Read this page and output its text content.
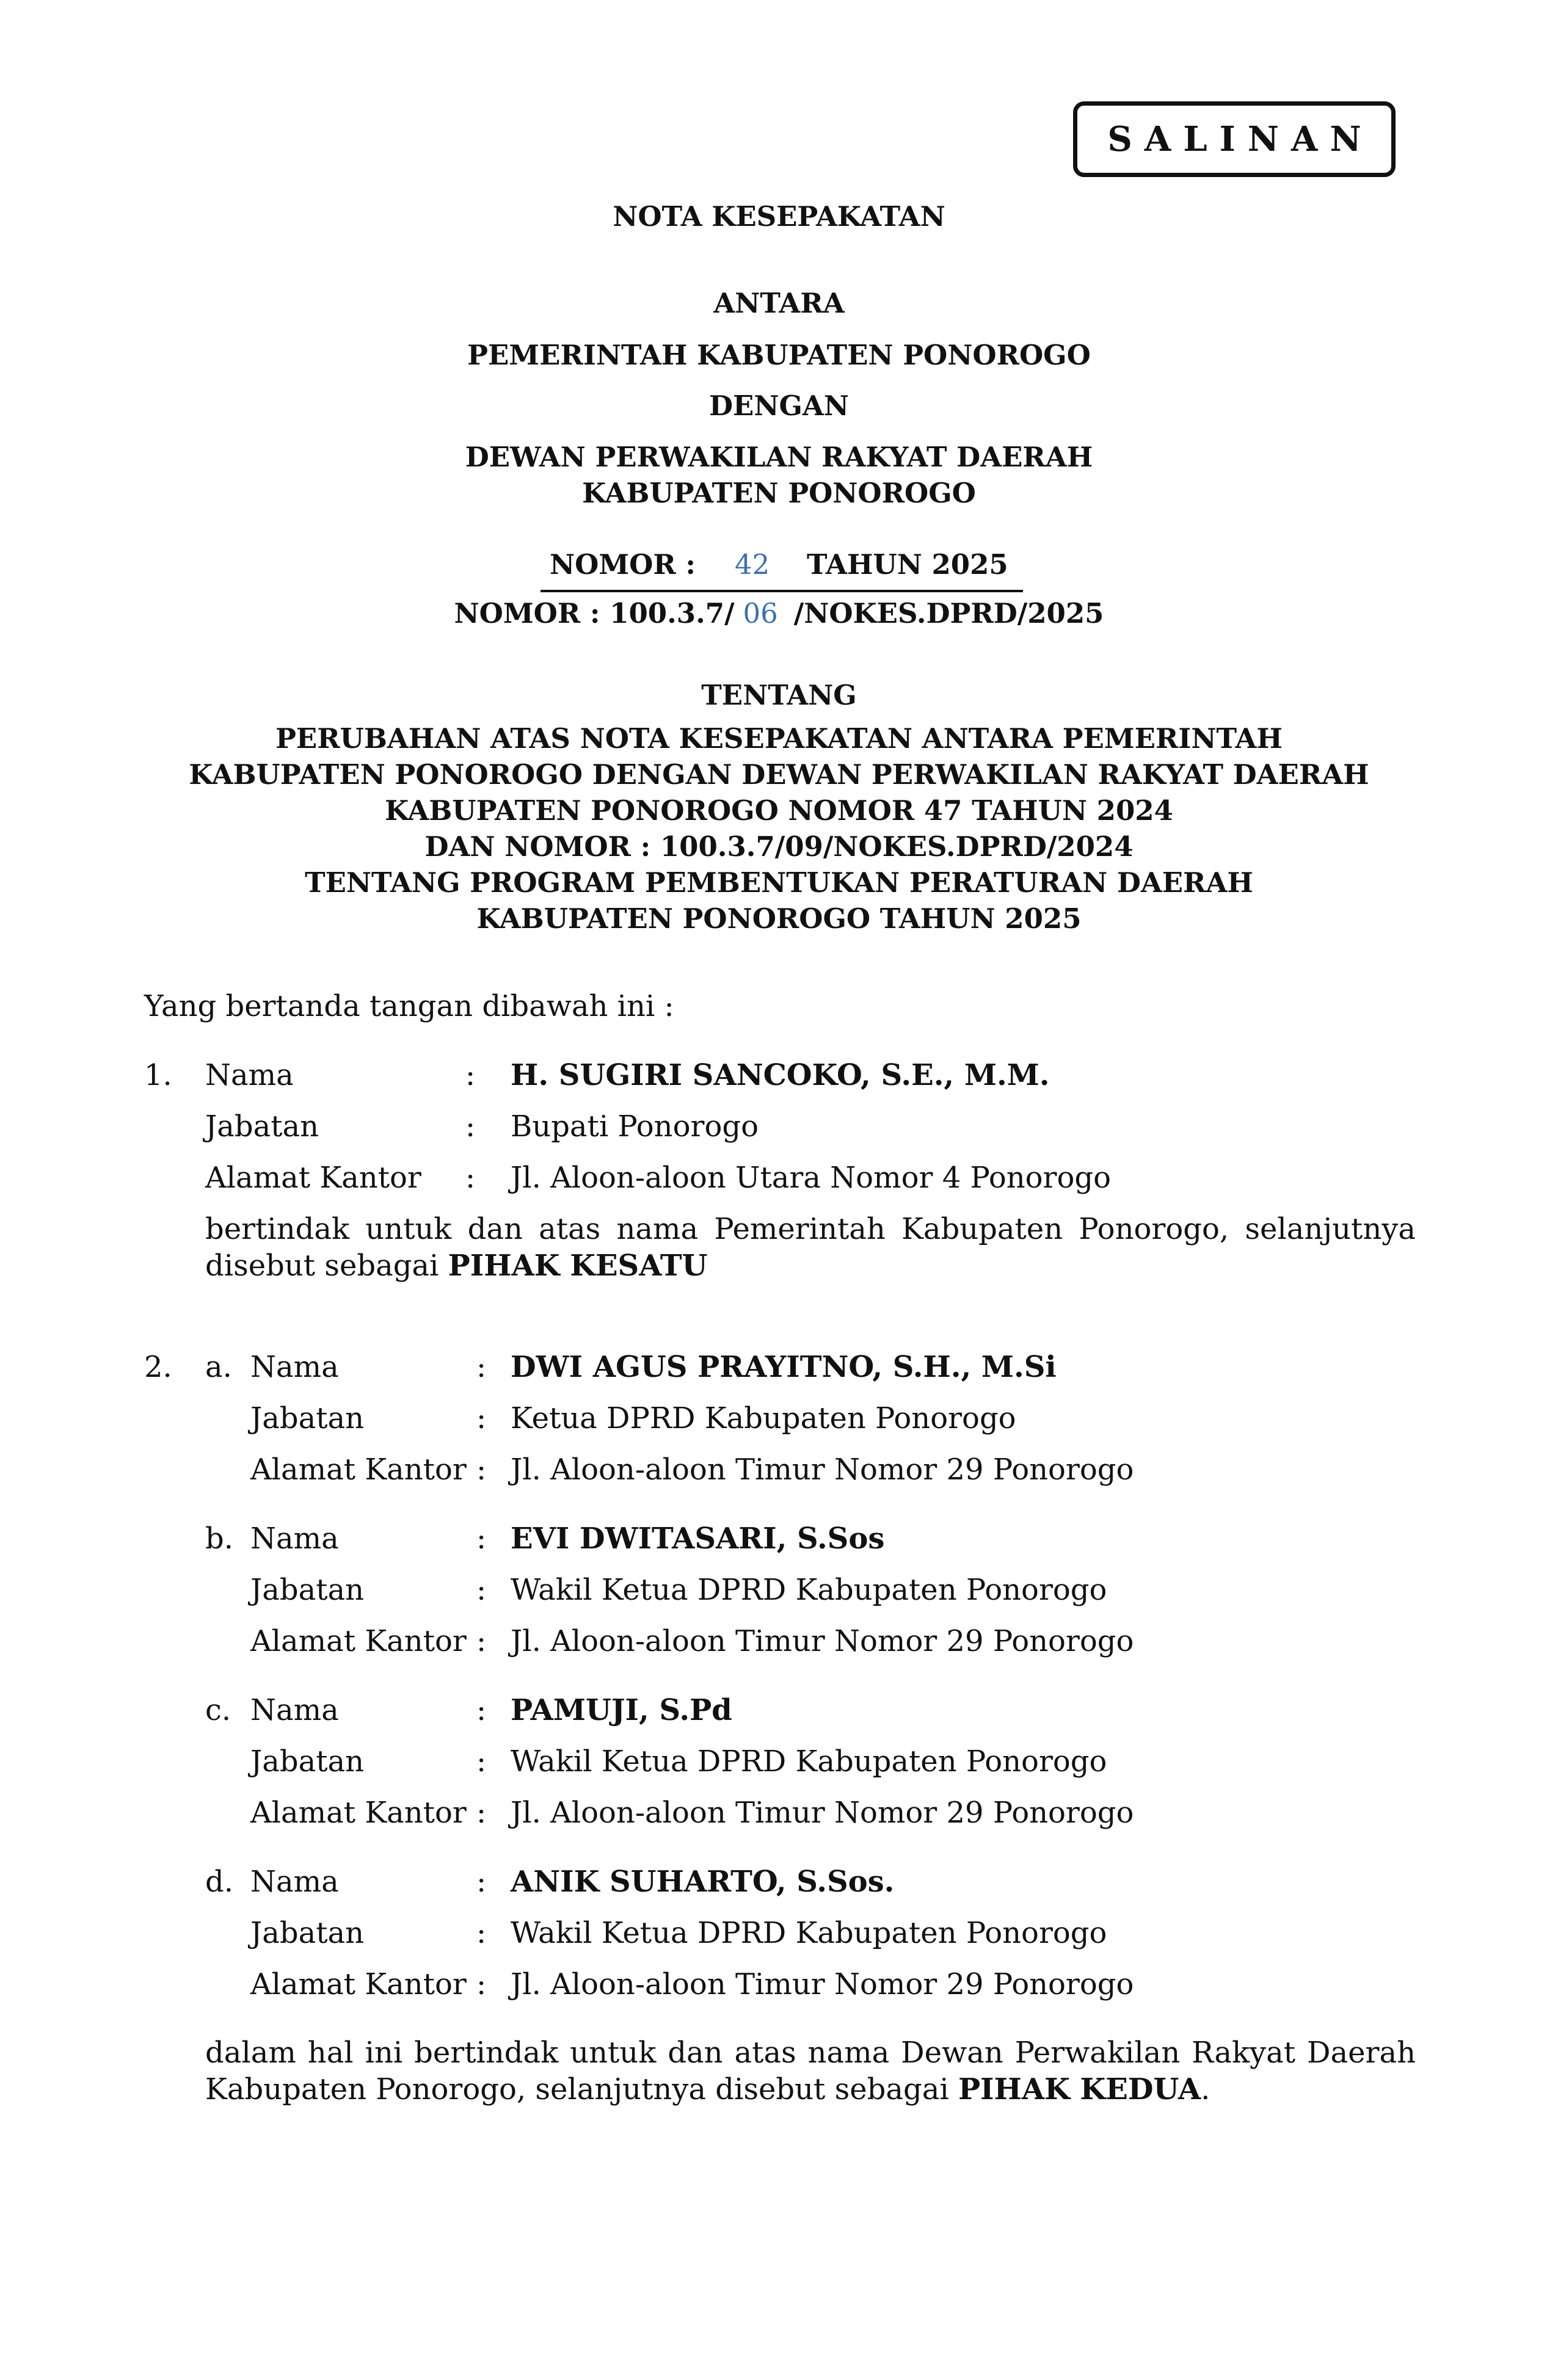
SALINAN
NOTA KESEPAKATAN
ANTARA
PEMERINTAH KABUPATEN PONOROGO
DENGAN
DEWAN PERWAKILAN RAKYAT DAERAH
KABUPATEN PONOROGO
NOMOR : 42 TAHUN 2025
NOMOR : 100.3.7/ 06 /NOKES.DPRD/2025
TENTANG
PERUBAHAN ATAS NOTA KESEPAKATAN ANTARA PEMERINTAH
KABUPATEN PONOROGO DENGAN DEWAN PERWAKILAN RAKYAT DAERAH
KABUPATEN PONOROGO NOMOR 47 TAHUN 2024
DAN NOMOR : 100.3.7/09/NOKES.DPRD/2024
TENTANG PROGRAM PEMBENTUKAN PERATURAN DAERAH
KABUPATEN PONOROGO TAHUN 2025
Yang bertanda tangan dibawah ini :
1. Nama	: H. SUGIRI SANCOKO, S.E., M.M.
Jabatan	: Bupati Ponorogo
Alamat Kantor : Jl. Aloon-aloon Utara Nomor 4 Ponorogo
bertindak untuk dan atas nama Pemerintah Kabupaten Ponorogo, selanjutnya disebut sebagai PIHAK KESATU
2. a. Nama	: DWI AGUS PRAYITNO, S.H., M.Si
Jabatan	: Ketua DPRD Kabupaten Ponorogo
Alamat Kantor : Jl. Aloon-aloon Timur Nomor 29 Ponorogo
b. Nama	: EVI DWITASARI, S.Sos
Jabatan	: Wakil Ketua DPRD Kabupaten Ponorogo
Alamat Kantor : Jl. Aloon-aloon Timur Nomor 29 Ponorogo
c. Nama	: PAMUJI, S.Pd
Jabatan	: Wakil Ketua DPRD Kabupaten Ponorogo
Alamat Kantor : Jl. Aloon-aloon Timur Nomor 29 Ponorogo
d. Nama	: ANIK SUHARTO, S.Sos.
Jabatan	: Wakil Ketua DPRD Kabupaten Ponorogo
Alamat Kantor : Jl. Aloon-aloon Timur Nomor 29 Ponorogo
dalam hal ini bertindak untuk dan atas nama Dewan Perwakilan Rakyat Daerah Kabupaten Ponorogo, selanjutnya disebut sebagai PIHAK KEDUA.
